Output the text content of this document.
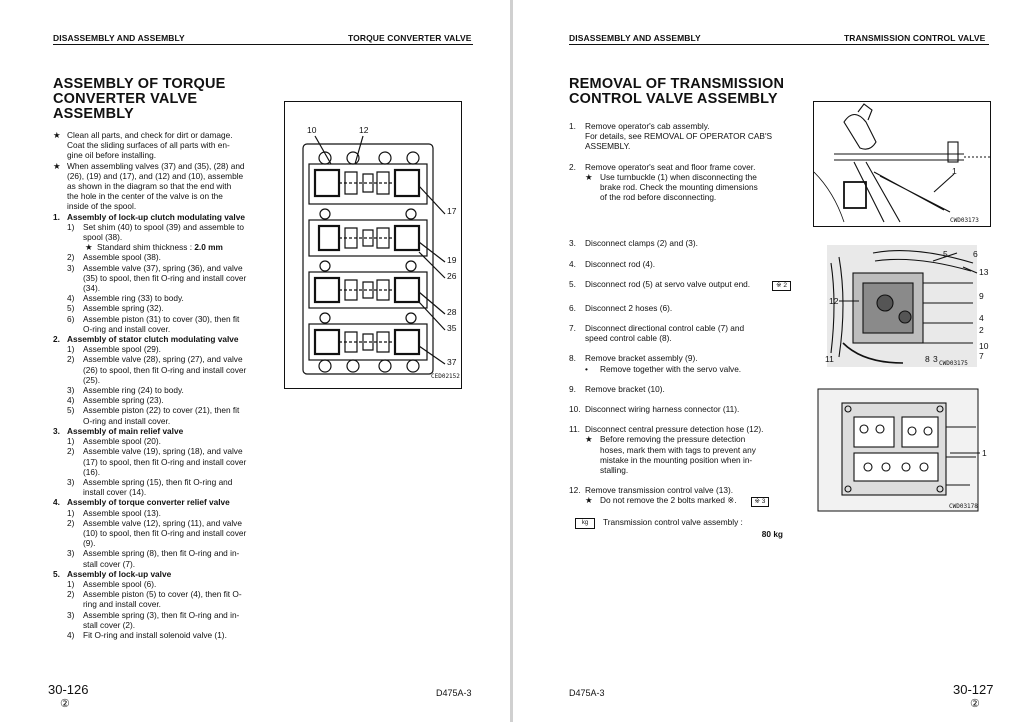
DISASSEMBLY AND ASSEMBLY	TORQUE CONVERTER VALVE
ASSEMBLY OF TORQUE
CONVERTER VALVE
ASSEMBLY
★ Clean all parts, and check for dirt or damage.
Coat the sliding surfaces of all parts with en-
gine oil before installing.
★ When assembling valves (37) and (35), (28) and
(26), (19) and (17), and (12) and (10), assemble
as shown in the diagram so that the end with
the hole in the center of the valve is on the
inside of the spool.
1. Assembly of lock-up clutch modulating valve
1) Set shim (40) to spool (39) and assemble to
spool (38).
★ Standard shim thickness : 2.0 mm
2) Assemble spool (38).
3) Assemble valve (37), spring (36), and valve
(35) to spool, then fit O-ring and install cover
(34).
4) Assemble ring (33) to body.
5) Assemble spring (32).
6) Assemble piston (31) to cover (30), then fit
O-ring and install cover.
2. Assembly of stator clutch modulating valve
1) Assemble spool (29).
2) Assemble valve (28), spring (27), and valve
(26) to spool, then fit O-ring and install cover
(25).
3) Assemble ring (24) to body.
4) Assemble spring (23).
5) Assemble piston (22) to cover (21), then fit
O-ring and install cover.
3. Assembly of main relief valve
1) Assemble spool (20).
2) Assemble valve (19), spring (18), and valve
(17) to spool, then fit O-ring and install cover
(16).
3) Assemble spring (15), then fit O-ring and
install cover (14).
4. Assembly of torque converter relief valve
1) Assemble spool (13).
2) Assemble valve (12), spring (11), and valve
(10) to spool, then fit O-ring and install cover
(9).
3) Assemble spring (8), then fit O-ring and in-
stall cover (7).
5. Assembly of lock-up valve
1) Assemble spool (6).
2) Assemble piston (5) to cover (4), then fit O-
ring and install cover.
3) Assemble spring (3), then fit O-ring and in-
stall cover (2).
4) Fit O-ring and install solenoid valve (1).
10	12
17
19
26
28
35
37
CED02152
30-126
②
D475A-3
DISASSEMBLY AND ASSEMBLY	TRANSMISSION CONTROL VALVE
REMOVAL OF TRANSMISSION
CONTROL VALVE ASSEMBLY
1. Remove operator's cab assembly.
For details, see REMOVAL OF OPERATOR CAB'S
ASSEMBLY.
2. Remove operator's seat and floor frame cover.
★ Use turnbuckle (1) when disconnecting the
brake rod. Check the mounting dimensions
of the rod before disconnecting.
3. Disconnect clamps (2) and (3).
4. Disconnect rod (4).
5. Disconnect rod (5) at servo valve output end.	※ 2
6. Disconnect 2 hoses (6).
7. Disconnect directional control cable (7) and
speed control cable (8).
8. Remove bracket assembly (9).
• Remove together with the servo valve.
9. Remove bracket (10).
10. Disconnect wiring harness connector (11).
11. Disconnect central pressure detection hose (12).
★ Before removing the pressure detection
hoses, mark them with tags to prevent any
mistake in the mounting position when in-
stalling.
12. Remove transmission control valve (13).
★ Do not remove the 2 bolts marked ※.	※ 3
kg Transmission control valve assembly :
80 kg
1
CWD03173
12
11
5	6
13
9
4
2
10
7
3
8 CWD03175
1
CWD03178
30-127
②
D475A-3
